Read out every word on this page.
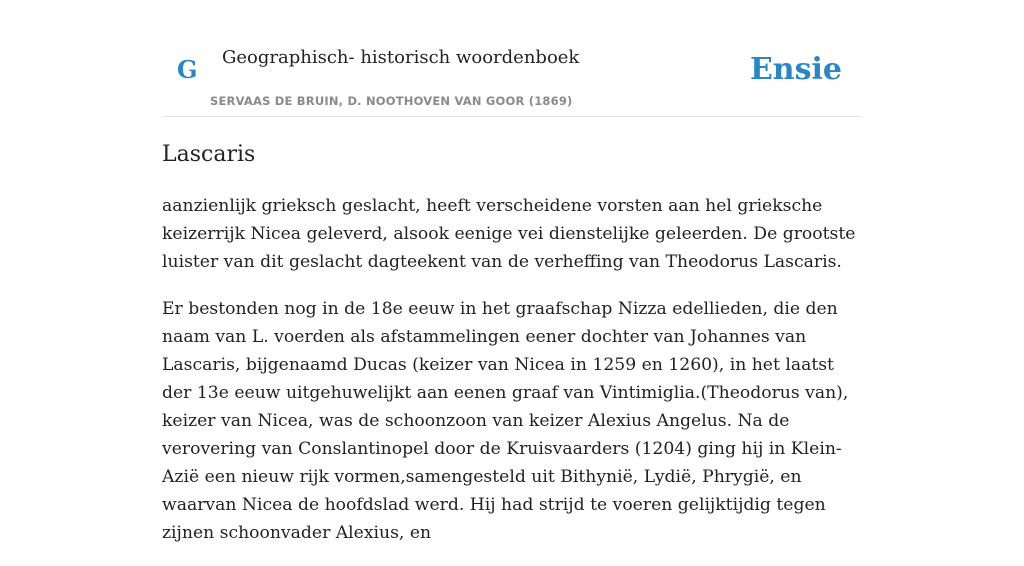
G Geographisch- historisch woordenboek
SERVAAS DE BRUIN, D. NOOTHOVEN VAN GOOR (1869)
Ensie
Lascaris

aanzienlijk grieksch geslacht, heeft verscheidene vorsten aan hel grieksche keizerrijk Nicea geleverd, alsook eenige vei dienstelijke geleerden. De grootste luister van dit geslacht dagteekent van de verheffing van Theodorus Lascaris.

Er bestonden nog in de 18e eeuw in het graafschap Nizza edellieden, die den naam van L. voerden als afstammelingen eener dochter van Johannes van Lascaris, bijgenaamd Ducas (keizer van Nicea in 1259 en 1260), in het laatst der 13e eeuw uitgehuwelijkt aan eenen graaf van Vintimiglia.(Theodorus van), keizer van Nicea, was de schoonzoon van keizer Alexius Angelus. Na de verovering van Conslantinopel door de Kruisvaarders (1204) ging hij in Klein-Azië een nieuw rijk vormen,samengesteld uit Bithynië, Lydië, Phrygië, en waarvan Nicea de hoofdslad werd. Hij had strijd te voeren gelijktijdig tegen zijnen schoonvader Alexius, en
